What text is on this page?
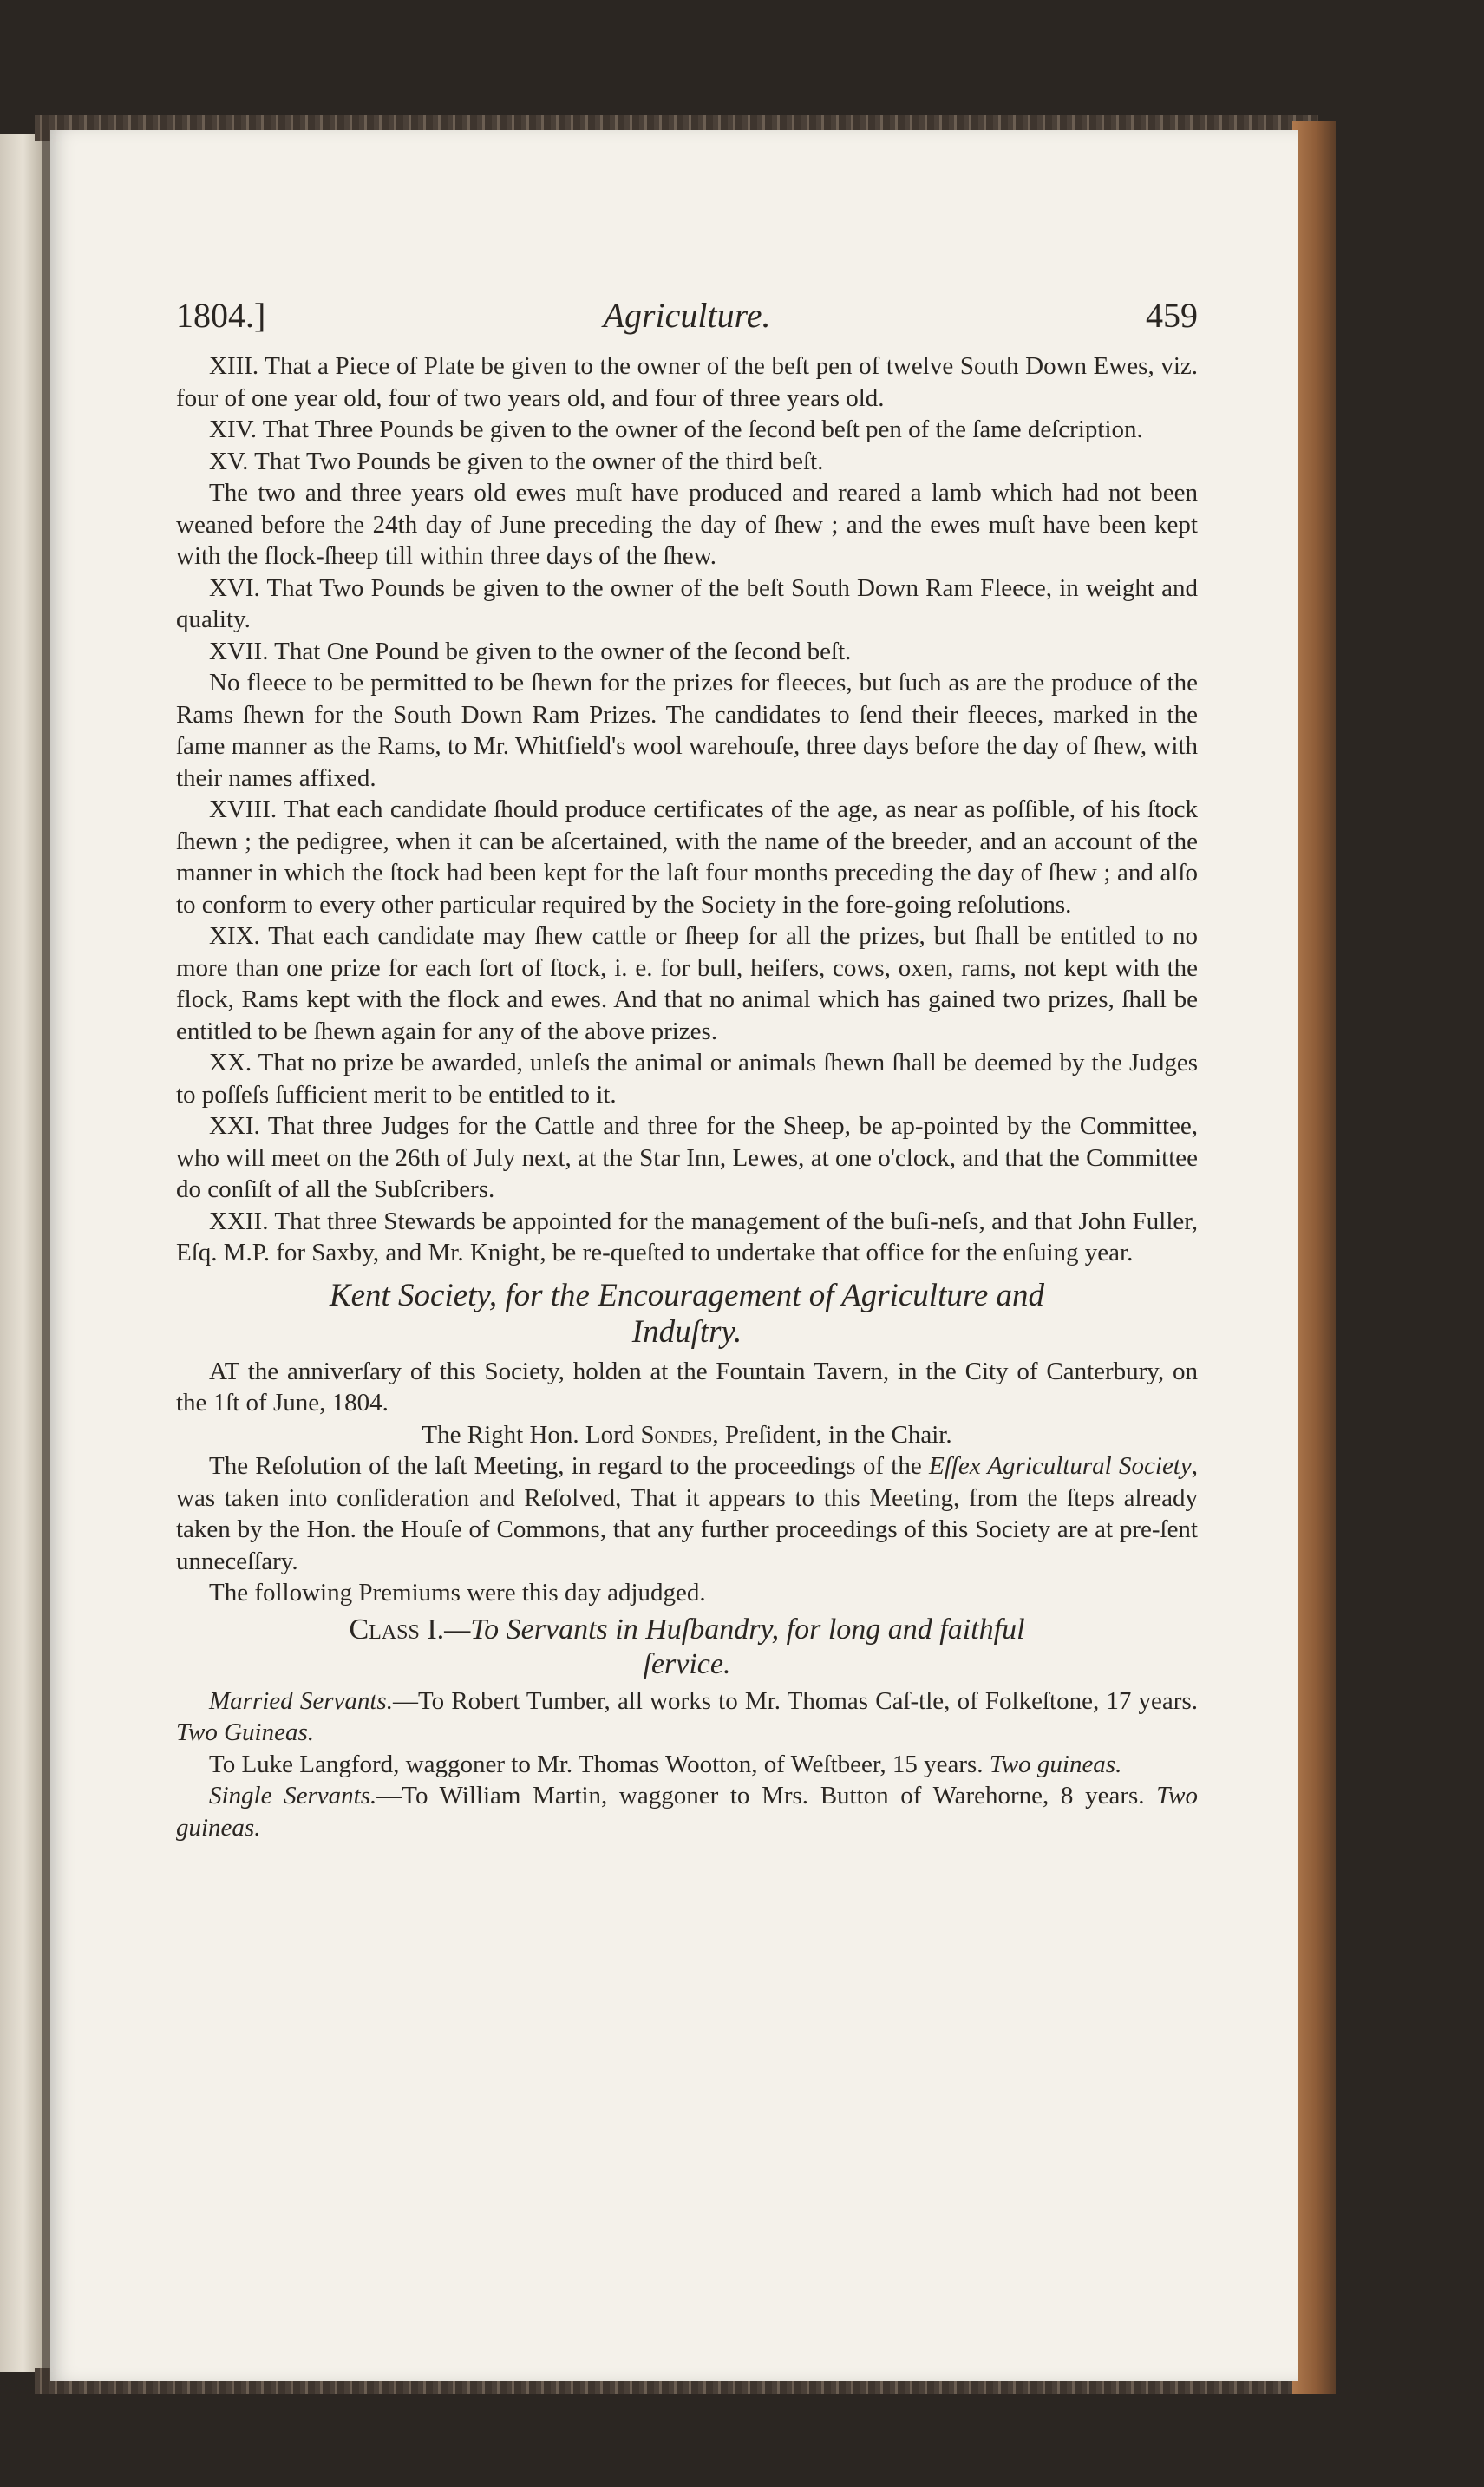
1804.]	Agriculture.	459

XIII. That a Piece of Plate be given to the owner of the beſt pen of twelve South Down Ewes, viz. four of one year old, four of two years old, and four of three years old.

XIV. That Three Pounds be given to the owner of the ſecond beſt pen of the ſame deſcription.

XV. That Two Pounds be given to the owner of the third beſt.

The two and three years old ewes muſt have produced and reared a lamb which had not been weaned before the 24th day of June preceding the day of ſhew ; and the ewes muſt have been kept with the flock-ſheep till within three days of the ſhew.

XVI. That Two Pounds be given to the owner of the beſt South Down Ram Fleece, in weight and quality.

XVII. That One Pound be given to the owner of the ſecond beſt.

No fleece to be permitted to be ſhewn for the prizes for fleeces, but ſuch as are the produce of the Rams ſhewn for the South Down Ram Prizes. The candidates to ſend their fleeces, marked in the ſame manner as the Rams, to Mr. Whitfield's wool warehouſe, three days before the day of ſhew, with their names affixed.

XVIII. That each candidate ſhould produce certificates of the age, as near as poſſible, of his ſtock ſhewn ; the pedigree, when it can be aſcertained, with the name of the breeder, and an account of the manner in which the ſtock had been kept for the laſt four months preceding the day of ſhew ; and alſo to conform to every other particular required by the Society in the fore-going reſolutions.

XIX. That each candidate may ſhew cattle or ſheep for all the prizes, but ſhall be entitled to no more than one prize for each ſort of ſtock, i. e. for bull, heifers, cows, oxen, rams, not kept with the flock, Rams kept with the flock and ewes. And that no animal which has gained two prizes, ſhall be entitled to be ſhewn again for any of the above prizes.

XX. That no prize be awarded, unleſs the animal or animals ſhewn ſhall be deemed by the Judges to poſſeſs ſufficient merit to be entitled to it.

XXI. That three Judges for the Cattle and three for the Sheep, be ap-pointed by the Committee, who will meet on the 26th of July next, at the Star Inn, Lewes, at one o'clock, and that the Committee do conſiſt of all the Subſcribers.

XXII. That three Stewards be appointed for the management of the buſi-neſs, and that John Fuller, Eſq. M.P. for Saxby, and Mr. Knight, be re-queſted to undertake that office for the enſuing year.

Kent Society, for the Encouragement of Agriculture and
Induſtry.

AT the anniverſary of this Society, holden at the Fountain Tavern, in the City of Canterbury, on the 1ſt of June, 1804.

The Right Hon. Lord Sondes, Preſident, in the Chair.

The Reſolution of the laſt Meeting, in regard to the proceedings of the Eſſex Agricultural Society, was taken into conſideration and Reſolved, That it appears to this Meeting, from the ſteps already taken by the Hon. the Houſe of Commons, that any further proceedings of this Society are at pre-ſent unneceſſary.

The following Premiums were this day adjudged.

Class I.—To Servants in Huſbandry, for long and faithful
ſervice.

Married Servants.—To Robert Tumber, all works to Mr. Thomas Caſ-tle, of Folkeſtone, 17 years. Two Guineas.

To Luke Langford, waggoner to Mr. Thomas Wootton, of Weſtbeer, 15 years. Two guineas.

Single Servants.—To William Martin, waggoner to Mrs. Button of Warehorne, 8 years. Two guineas.
